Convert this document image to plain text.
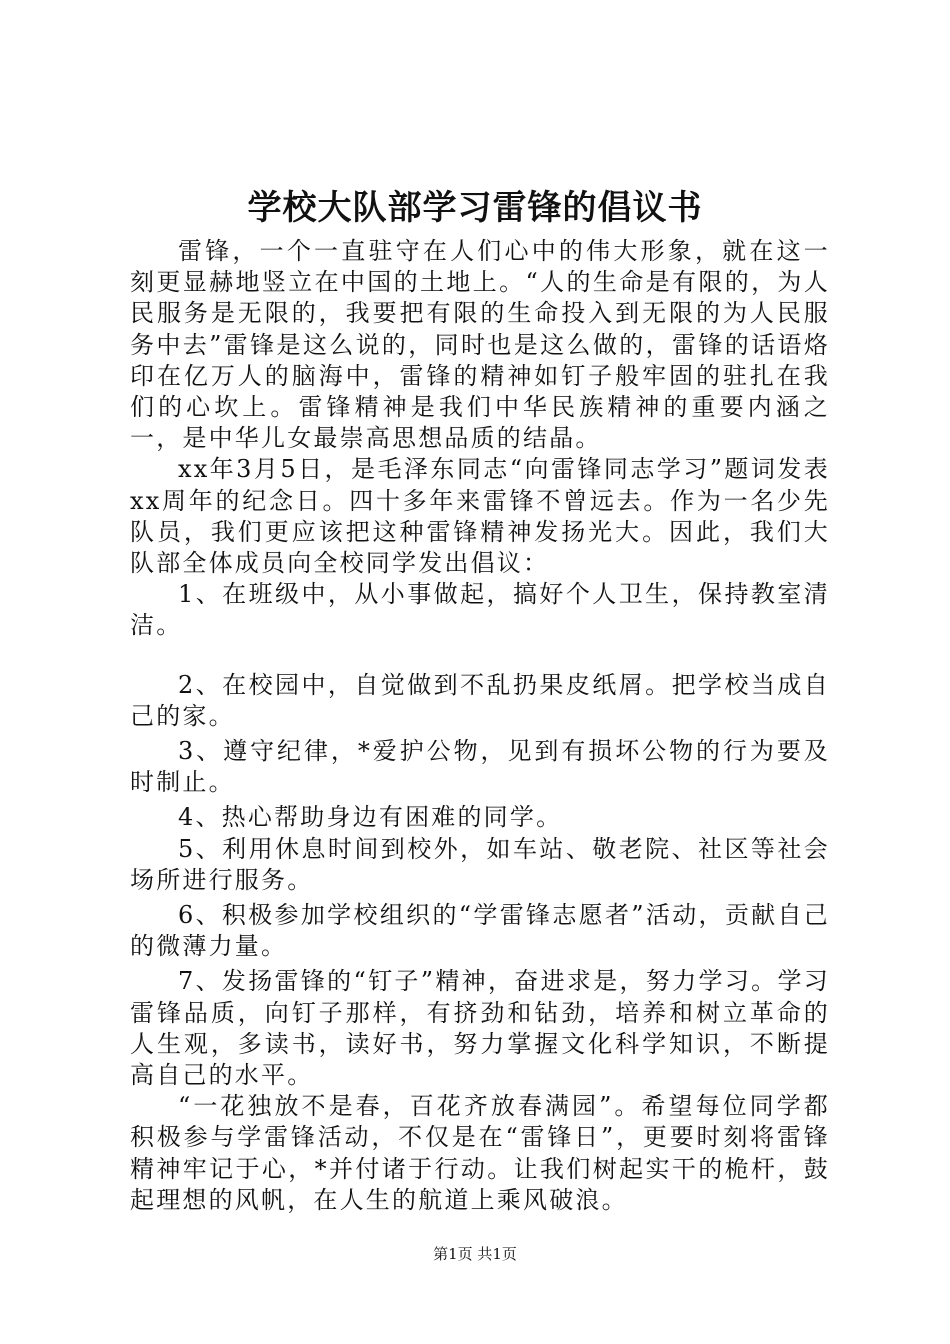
学校大队部学习雷锋的倡议书

雷锋，一个一直驻守在人们心中的伟大形象，就在这一刻更显赫地竖立在中国的土地上。“人的生命是有限的，为人民服务是无限的，我要把有限的生命投入到无限的为人民服务中去”雷锋是这么说的，同时也是这么做的，雷锋的话语烙印在亿万人的脑海中，雷锋的精神如钉子般牢固的驻扎在我们的心坎上。雷锋精神是我们中华民族精神的重要内涵之一，是中华儿女最崇高思想品质的结晶。

xx年3月5日，是毛泽东同志“向雷锋同志学习”题词发表xx周年的纪念日。四十多年来雷锋不曾远去。作为一名少先队员，我们更应该把这种雷锋精神发扬光大。因此，我们大队部全体成员向全校同学发出倡议：

1、在班级中，从小事做起，搞好个人卫生，保持教室清洁。

2、在校园中，自觉做到不乱扔果皮纸屑。把学校当成自己的家。

3、遵守纪律，*爱护公物，见到有损坏公物的行为要及时制止。

4、热心帮助身边有困难的同学。

5、利用休息时间到校外，如车站、敬老院、社区等社会场所进行服务。

6、积极参加学校组织的“学雷锋志愿者”活动，贡献自己的微薄力量。

7、发扬雷锋的“钉子”精神，奋进求是，努力学习。学习雷锋品质，向钉子那样，有挤劲和钻劲，培养和树立革命的人生观，多读书，读好书，努力掌握文化科学知识，不断提高自己的水平。

“一花独放不是春，百花齐放春满园”。希望每位同学都积极参与学雷锋活动，不仅是在“雷锋日”，更要时刻将雷锋精神牢记于心，*并付诸于行动。让我们树起实干的桅杆，鼓起理想的风帆，在人生的航道上乘风破浪。

第1页 共1页
